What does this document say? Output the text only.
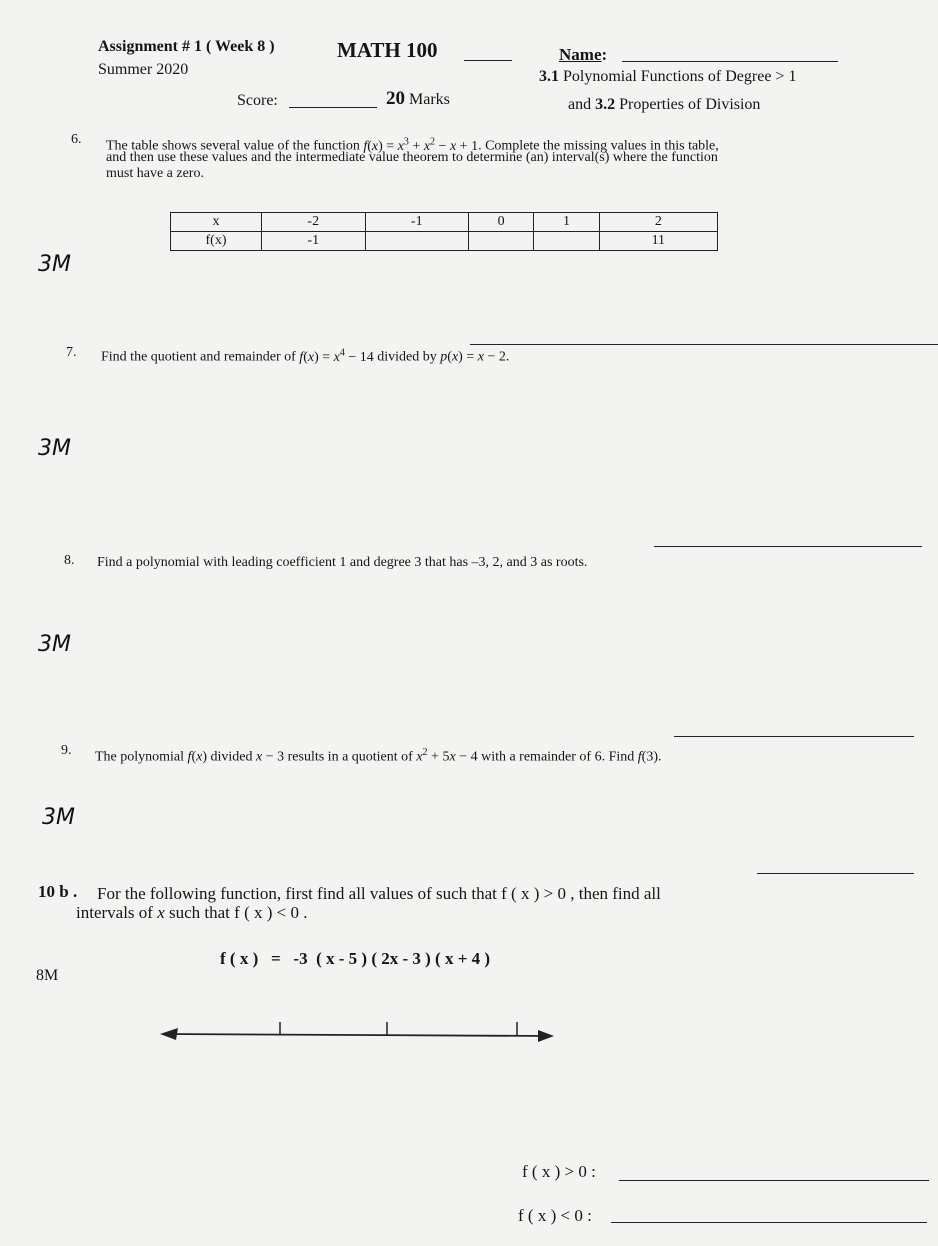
Assignment # 1 ( Week 8 )	MATH 100
Summer 2020
Name:
3.1 Polynomial Functions of Degree > 1
and 3.2 Properties of Division
Score:	20 Marks
6. The table shows several value of the function $f(x) = x^3 + x^2 - x + 1$. Complete the missing values in this table,
and then use these values and the intermediate value theorem to determine (an) interval(s) where the function
must have a zero.
x	-2	-1	0	1	2
f(x)	-1				11
3M
7. Find the quotient and remainder of $f(x) = x^4 - 14$ divided by p(x) = x − 2.
3M
8. Find a polynomial with leading coefficient 1 and degree 3 that has –3, 2, and 3 as roots.
3M
9. The polynomial f(x) divided x − 3 results in a quotient of $x^2 + 5x - 4$ with a remainder of 6. Find f(3).
3M
10 b . For the following function, first find all values of such that f ( x ) > 0 , then find all
intervals of x such that f ( x ) < 0 .
f ( x )   =   -3  ( x - 5 ) ( 2x - 3 ) ( x + 4 )
8M
f ( x ) > 0 :
f ( x ) < 0 :
